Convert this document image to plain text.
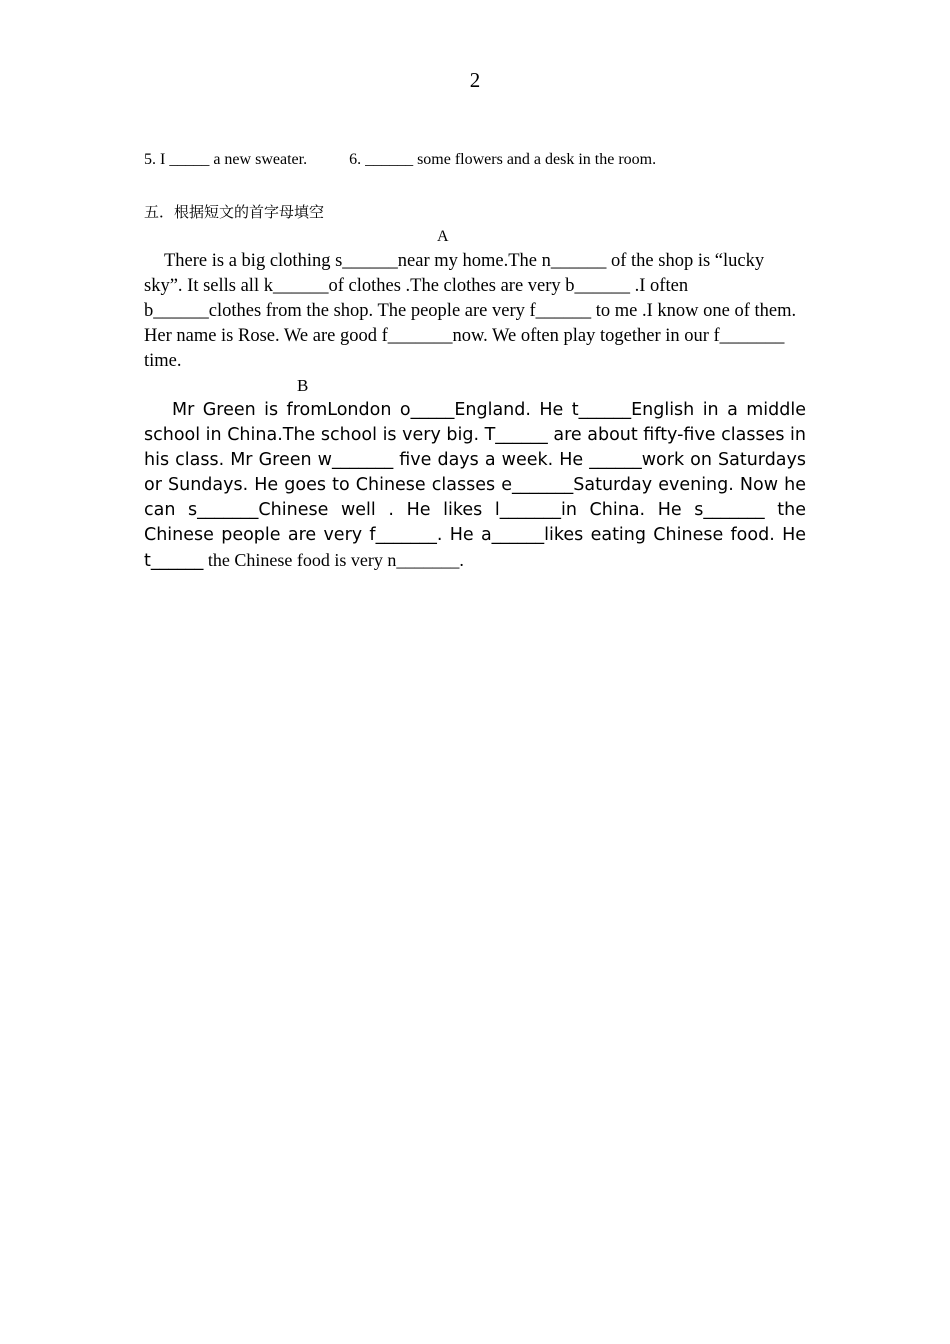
2
5. I _____ a new sweater.	6. ______ some flowers and a desk in the room.
五．根据短文的首字母填空
A

There is a big clothing s______near my home.The n______ of the shop is “lucky sky”. It sells all k______of clothes .The clothes are very b______ .I often b______clothes from the shop. The people are very f______ to me .I know one of them. Her name is Rose. We are good f_______now. We often play together in our f_______ time.

B

Mr Green is fromLondon o_____England. He t______English in a middle school in China.The school is very big. T______ are about fifty-five classes in his class. Mr Green w_______ five days a week. He ______work on Saturdays or Sundays. He goes to Chinese classes e_______Saturday evening. Now he can s_______Chinese well . He likes l_______in China. He s_______ the Chinese people are very f_______. He a______likes eating Chinese food. He t______ the Chinese food is very n_______.
